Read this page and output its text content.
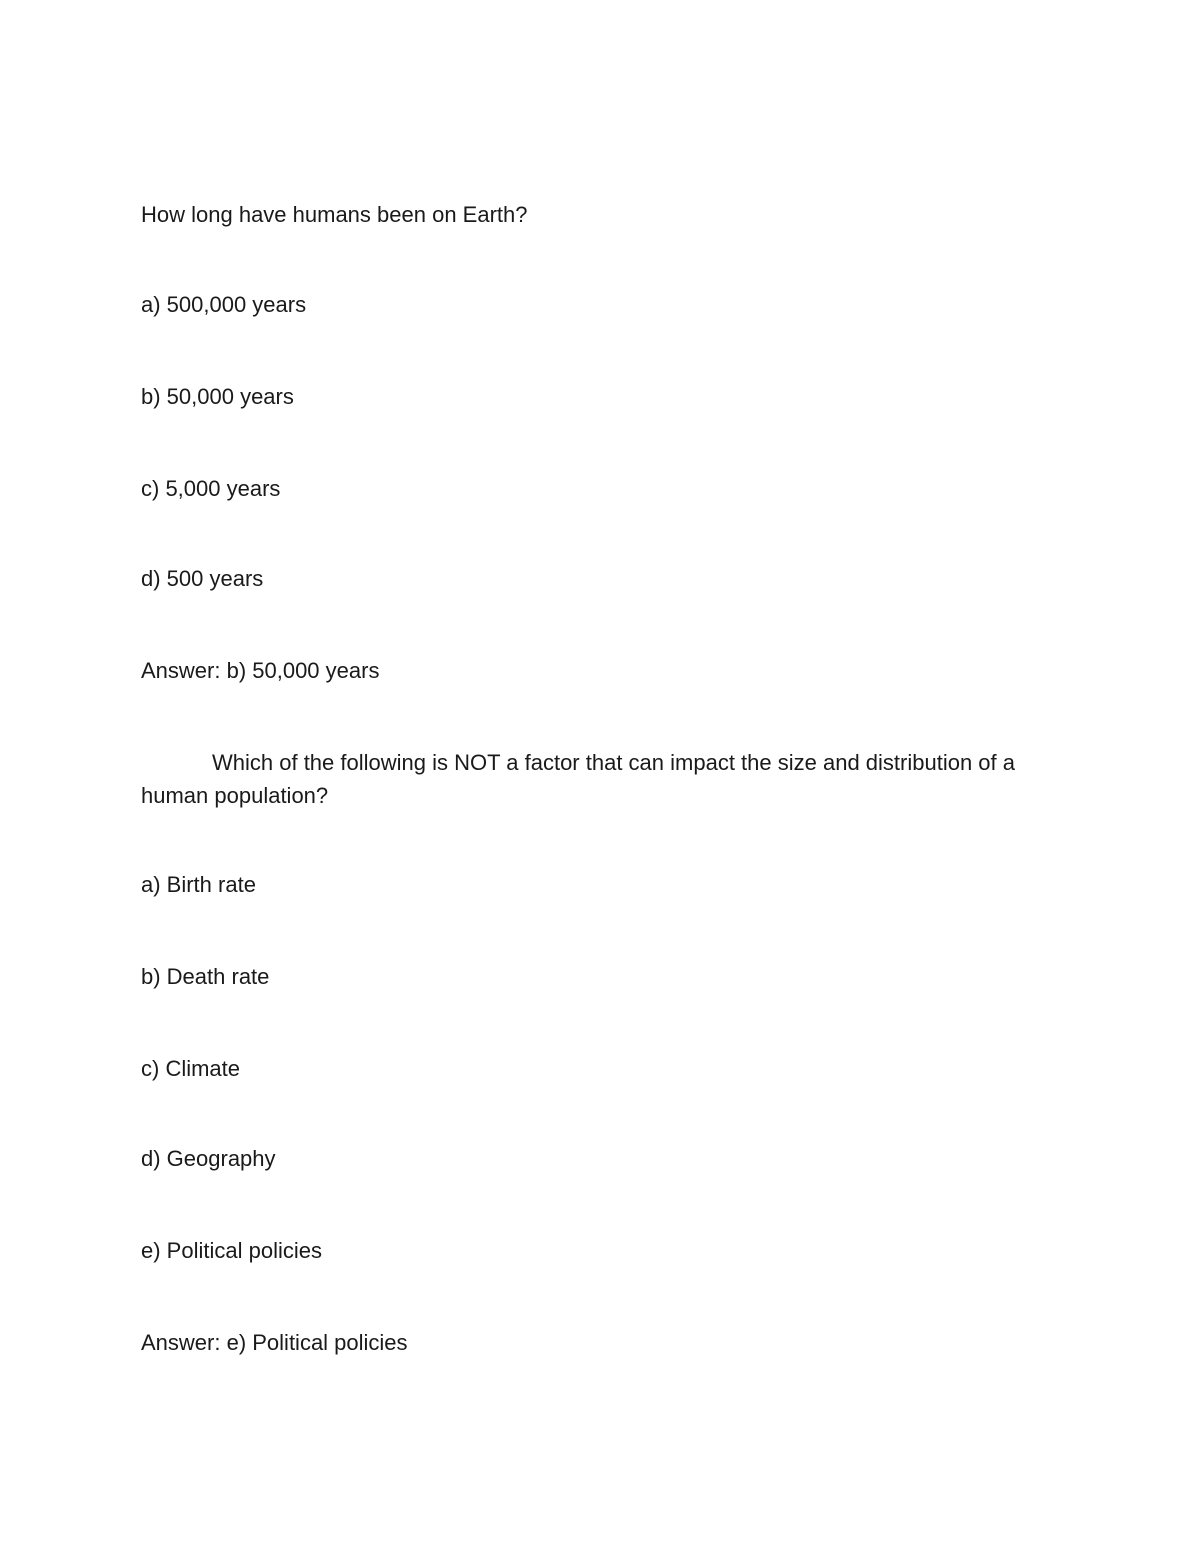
How long have humans been on Earth?

a) 500,000 years

b) 50,000 years

c) 5,000 years

d) 500 years

Answer: b) 50,000 years

Which of the following is NOT a factor that can impact the size and distribution of a human population?

a) Birth rate

b) Death rate

c) Climate

d) Geography

e) Political policies

Answer: e) Political policies
